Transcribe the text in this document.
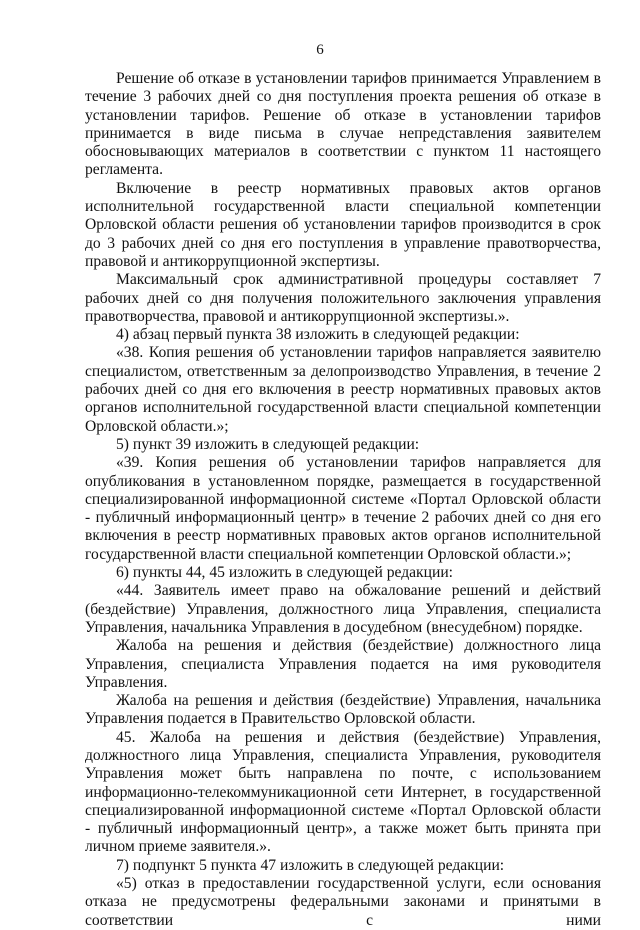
6

Решение об отказе в установлении тарифов принимается Управлением в течение 3 рабочих дней со дня поступления проекта решения об отказе в установлении тарифов. Решение об отказе в установлении тарифов принимается в виде письма в случае непредставления заявителем обосновывающих материалов в соответствии с пунктом 11 настоящего регламента.

Включение в реестр нормативных правовых актов органов исполнительной государственной власти специальной компетенции Орловской области решения об установлении тарифов производится в срок до 3 рабочих дней со дня его поступления в управление правотворчества, правовой и антикоррупционной экспертизы.

Максимальный срок административной процедуры составляет 7 рабочих дней со дня получения положительного заключения управления правотворчества, правовой и антикоррупционной экспертизы.».

4) абзац первый пункта 38 изложить в следующей редакции:

«38. Копия решения об установлении тарифов направляется заявителю специалистом, ответственным за делопроизводство Управления, в течение 2 рабочих дней со дня его включения в реестр нормативных правовых актов органов исполнительной государственной власти специальной компетенции Орловской области.»;

5) пункт 39 изложить в следующей редакции:

«39. Копия решения об установлении тарифов направляется для опубликования в установленном порядке, размещается в государственной специализированной информационной системе «Портал Орловской области - публичный информационный центр» в течение 2 рабочих дней со дня его включения в реестр нормативных правовых актов органов исполнительной государственной власти специальной компетенции Орловской области.»;

6) пункты 44, 45 изложить в следующей редакции:

«44. Заявитель имеет право на обжалование решений и действий (бездействие) Управления, должностного лица Управления, специалиста Управления, начальника Управления в досудебном (внесудебном) порядке.

Жалоба на решения и действия (бездействие) должностного лица Управления, специалиста Управления подается на имя руководителя Управления.

Жалоба на решения и действия (бездействие) Управления, начальника Управления подается в Правительство Орловской области.

45. Жалоба на решения и действия (бездействие) Управления, должностного лица Управления, специалиста Управления, руководителя Управления может быть направлена по почте, с использованием информационно-телекоммуникационной сети Интернет, в государственной специализированной информационной системе «Портал Орловской области - публичный информационный центр», а также может быть принята при личном приеме заявителя.».

7) подпункт 5 пункта 47 изложить в следующей редакции:

«5) отказ в предоставлении государственной услуги, если основания отказа не предусмотрены федеральными законами и принятыми в соответствии с ними
